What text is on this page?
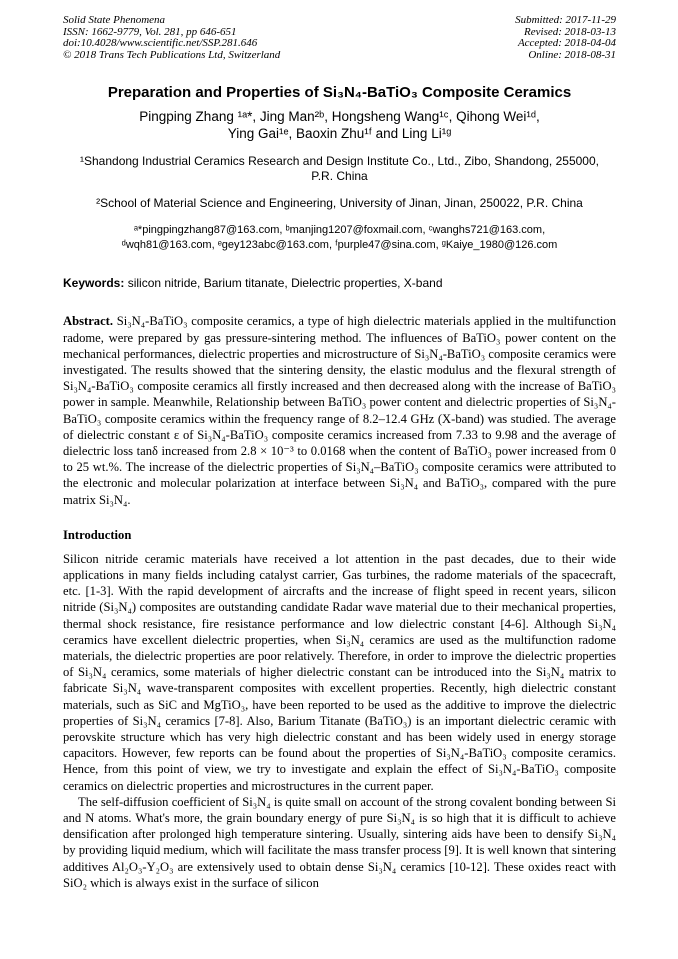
Solid State Phenomena
ISSN: 1662-9779, Vol. 281, pp 646-651
doi:10.4028/www.scientific.net/SSP.281.646
© 2018 Trans Tech Publications Ltd, Switzerland
Submitted: 2017-11-29
Revised: 2018-03-13
Accepted: 2018-04-04
Online: 2018-08-31
Preparation and Properties of Si₃N₄-BaTiO₃ Composite Ceramics
Pingping Zhang ¹ᵃ*, Jing Man²ᵇ, Hongsheng Wang¹ᶜ, Qihong Wei¹ᵈ,
Ying Gai¹ᵉ, Baoxin Zhu¹ᶠ and Ling Li¹ᵍ
¹Shandong Industrial Ceramics Research and Design Institute Co., Ltd., Zibo, Shandong, 255000, P.R. China
²School of Material Science and Engineering, University of Jinan, Jinan, 250022, P.R. China
ᵃ*pingpingzhang87@163.com, ᵇmanjing1207@foxmail.com, ᶜwanghs721@163.com,
ᵈwqh81@163.com, ᵉgey123abc@163.com, ᶠpurple47@sina.com, ᵍKaiye_1980@126.com

Keywords: silicon nitride, Barium titanate, Dielectric properties, X-band

Abstract. Si₃N₄-BaTiO₃ composite ceramics, a type of high dielectric materials applied in the multifunction radome, were prepared by gas pressure-sintering method. The influences of BaTiO₃ power content on the mechanical performances, dielectric properties and microstructure of Si₃N₄-BaTiO₃ composite ceramics were investigated. The results showed that the sintering density, the elastic modulus and the flexural strength of Si₃N₄-BaTiO₃ composite ceramics all firstly increased and then decreased along with the increase of BaTiO₃ power in sample. Meanwhile, Relationship between BaTiO₃ power content and dielectric properties of Si₃N₄-BaTiO₃ composite ceramics within the frequency range of 8.2–12.4 GHz (X-band) was studied. The average of dielectric constant ε of Si₃N₄-BaTiO₃ composite ceramics increased from 7.33 to 9.98 and the average of dielectric loss tanδ increased from 2.8 × 10⁻³ to 0.0168 when the content of BaTiO₃ power increased from 0 to 25 wt.%. The increase of the dielectric properties of Si₃N₄–BaTiO₃ composite ceramics were attributed to the electronic and molecular polarization at interface between Si₃N₄ and BaTiO₃, compared with the pure matrix Si₃N₄.

Introduction

Silicon nitride ceramic materials have received a lot attention in the past decades, due to their wide applications in many fields including catalyst carrier, Gas turbines, the radome materials of the spacecraft, etc. [1-3]. With the rapid development of aircrafts and the increase of flight speed in recent years, silicon nitride (Si₃N₄) composites are outstanding candidate Radar wave material due to their mechanical properties, thermal shock resistance, fire resistance performance and low dielectric constant [4-6]. Although Si₃N₄ ceramics have excellent dielectric properties, when Si₃N₄ ceramics are used as the multifunction radome materials, the dielectric properties are poor relatively. Therefore, in order to improve the dielectric properties of Si₃N₄ ceramics, some materials of higher dielectric constant can be introduced into the Si₃N₄ matrix to fabricate Si₃N₄ wave-transparent composites with excellent properties. Recently, high dielectric constant materials, such as SiC and MgTiO₃, have been reported to be used as the additive to improve the dielectric properties of Si₃N₄ ceramics [7-8]. Also, Barium Titanate (BaTiO₃) is an important dielectric ceramic with perovskite structure which has very high dielectric constant and has been widely used in energy storage capacitors. However, few reports can be found about the properties of Si₃N₄-BaTiO₃ composite ceramics. Hence, from this point of view, we try to investigate and explain the effect of Si₃N₄-BaTiO₃ composite ceramics on dielectric properties and microstructures in the current paper.

The self-diffusion coefficient of Si₃N₄ is quite small on account of the strong covalent bonding between Si and N atoms. What's more, the grain boundary energy of pure Si₃N₄ is so high that it is difficult to achieve densification after prolonged high temperature sintering. Usually, sintering aids have been to densify Si₃N₄ by providing liquid medium, which will facilitate the mass transfer process [9]. It is well known that sintering additives Al₂O₃-Y₂O₃ are extensively used to obtain dense Si₃N₄ ceramics [10-12]. These oxides react with SiO₂ which is always exist in the surface of silicon
